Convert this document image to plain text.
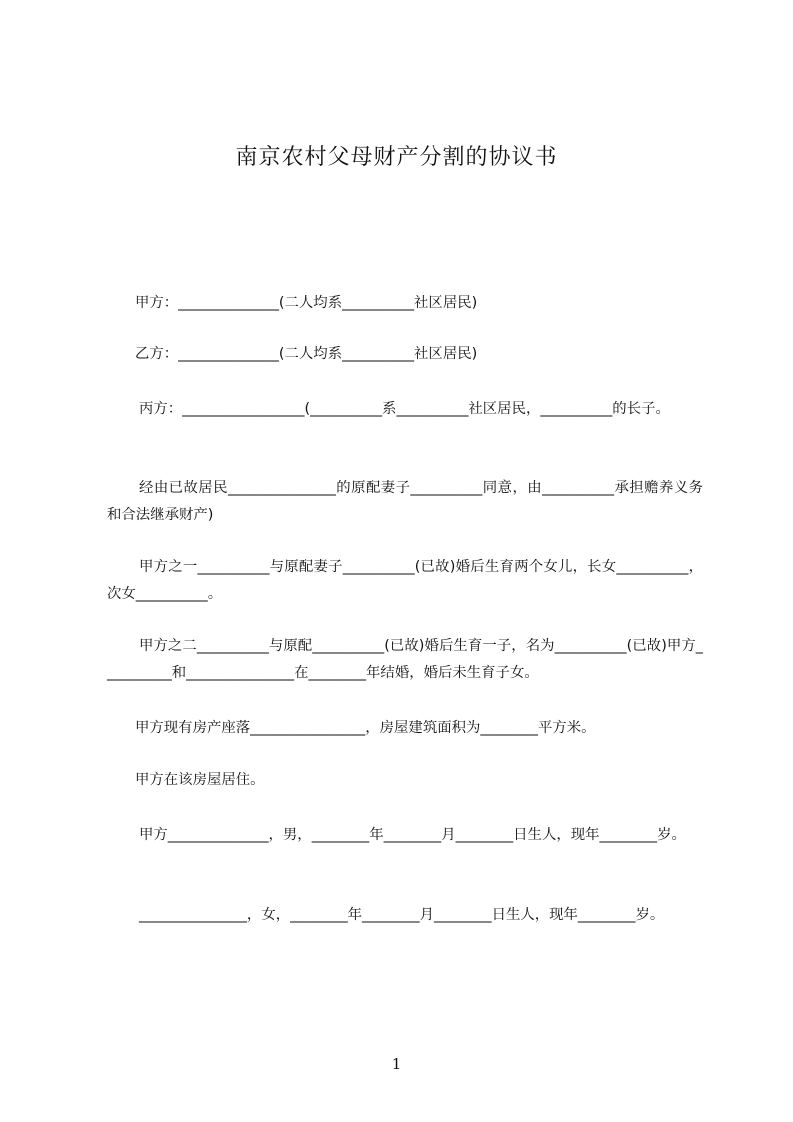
南京农村父母财产分割的协议书
甲方：______________(二人均系__________社区居民)
乙方：______________(二人均系__________社区居民)
丙方：_________________(__________系__________社区居民，__________的长子。
经由已故居民_______________的原配妻子__________同意，由__________承担赡养义务和合法继承财产)
甲方之一__________与原配妻子__________(已故)婚后生育两个女儿，长女__________，次女__________。
甲方之二__________与原配__________(已故)婚后生育一子，名为__________(已故)甲方__________和_______________在________年结婚，婚后未生育子女。
甲方现有房产座落________________，房屋建筑面积为________平方米。
甲方在该房屋居住。
甲方______________，男，________年________月________日生人，现年________岁。
_______________，女，________年________月________日生人，现年________岁。
1
